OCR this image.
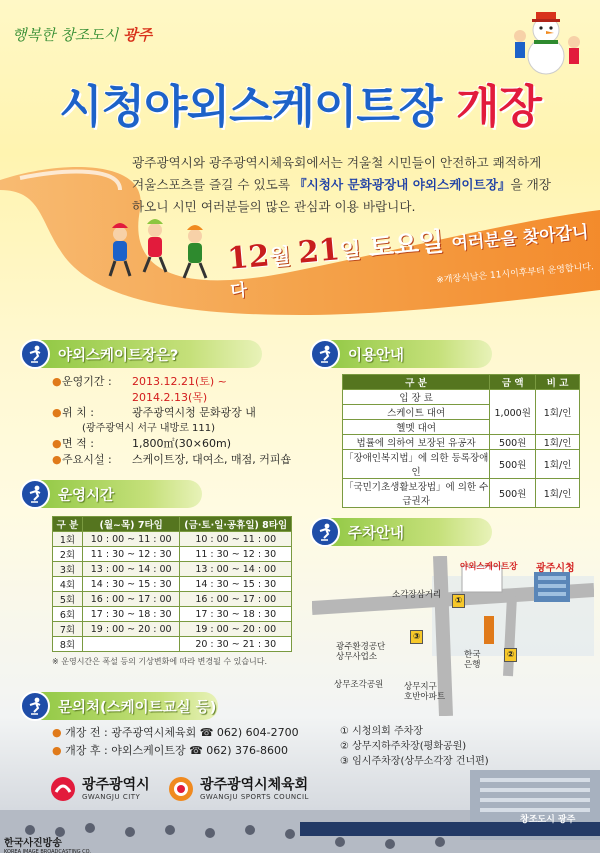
행복한 창조도시 광주
시청야외스케이트장 개장
광주광역시와 광주광역시체육회에서는 겨울철 시민들이 안전하고 쾌적하게
겨울스포츠를 즐길 수 있도록 『시청사 문화광장내 야외스케이트장』을 개장
하오니 시민 여러분들의 많은 관심과 이용 바랍니다.
12월 21일 토요일 여러분을 찾아갑니다
※개장식날은 11시이후부터 운영합니다.
야외스케이트장은?
● 운영기간 :	2013.12.21(토) ~ 2014.2.13(목)
● 위 치 :	광주광역시청 문화광장 내
(광주광역시 서구 내방로 111)
● 면 적 :	1,800㎡(30×60m)
● 주요시설 :	스케이트장, 대여소, 매점, 커피숍
이용안내
구 분	금 액	비 고
입 장 료	1,000원	1회/인
스케이트 대여		
헬멧 대여		
법률에 의하여 보장된 유공자	500원	1회/인
「장애인복지법」에 의한 등록장애인	500원	1회/인
「국민기초생활보장법」에 의한 수급권자	500원	1회/인
운영시간
구 분	(월~목) 7타임	(금·토·일·공휴일) 8타임
1회	10 : 00 ~ 11 : 00	10 : 00 ~ 11 : 00
2회	11 : 30 ~ 12 : 30	11 : 30 ~ 12 : 30
3회	13 : 00 ~ 14 : 00	13 : 00 ~ 14 : 00
4회	14 : 30 ~ 15 : 30	14 : 30 ~ 15 : 30
5회	16 : 00 ~ 17 : 00	16 : 00 ~ 17 : 00
6회	17 : 30 ~ 18 : 30	17 : 30 ~ 18 : 30
7회	19 : 00 ~ 20 : 00	19 : 00 ~ 20 : 00
8회		20 : 30 ~ 21 : 30
※ 운영시간은 폭설 등의 기상변화에 따라 변경될 수 있습니다.
문의처(스케이트교실 등)
● 개장 전 : 광주광역시체육회 ☎ 062) 604-2700
● 개장 후 : 야외스케이트장 ☎ 062) 376-8600
광주광역시
GWANGJU CITY
광주광역시체육회
GWANGJU SPORTS COUNCIL
주차안내
야외스케이트장 광주시청
소각장삼거리
광주환경공단
상무사업소
상무조각공원 상무지구
호반아파트
한국
은행
①
②
③
① 시청의회 주차장
② 상무지하주차장(평화공원)
③ 임시주차장(상무소각장 건너편)
창조도시 광주
한국사진방송
KOREA IMAGE BROADCASTING CO.
